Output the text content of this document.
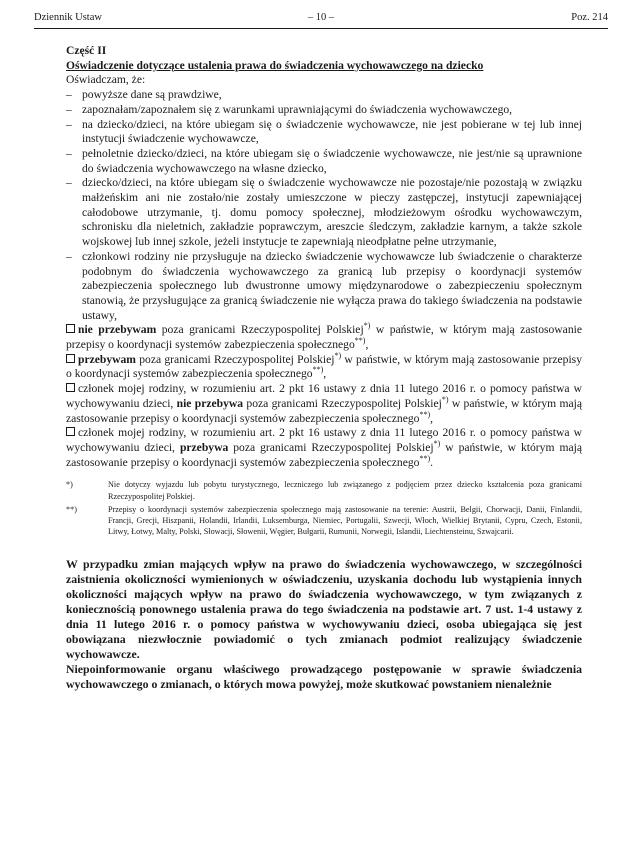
Dziennik Ustaw	– 10 –	Poz. 214
Część II
Oświadczenie dotyczące ustalenia prawa do świadczenia wychowawczego na dziecko

Oświadczam, że:

– powyższe dane są prawdziwe,
– zapoznałam/zapoznałem się z warunkami uprawniającymi do świadczenia wychowawczego,
– na dziecko/dzieci, na które ubiegam się o świadczenie wychowawcze, nie jest pobierane w tej lub innej instytucji świadczenie wychowawcze,
– pełnoletnie dziecko/dzieci, na które ubiegam się o świadczenie wychowawcze, nie jest/nie są uprawnione do świadczenia wychowawczego na własne dziecko,
– dziecko/dzieci, na które ubiegam się o świadczenie wychowawcze nie pozostaje/nie pozostają w związku małżeńskim ani nie zostało/nie zostały umieszczone w pieczy zastępczej, instytucji zapewniającej całodobowe utrzymanie, tj. domu pomocy społecznej, młodzieżowym ośrodku wychowawczym, schronisku dla nieletnich, zakładzie poprawczym, areszcie śledczym, zakładzie karnym, a także szkole wojskowej lub innej szkole, jeżeli instytucje te zapewniają nieodpłatne pełne utrzymanie,
– członkowi rodziny nie przysługuje na dziecko świadczenie wychowawcze lub świadczenie o charakterze podobnym do świadczenia wychowawczego za granicą lub przepisy o koordynacji systemów zabezpieczenia społecznego lub dwustronne umowy międzynarodowe o zabezpieczeniu społecznym stanowią, że przysługujące za granicą świadczenie nie wyłącza prawa do takiego świadczenia na podstawie ustawy,
nie przebywam poza granicami Rzeczypospolitej Polskiej*) w państwie, w którym mają zastosowanie przepisy o koordynacji systemów zabezpieczenia społecznego**),
przebywam poza granicami Rzeczypospolitej Polskiej*) w państwie, w którym mają zastosowanie przepisy o koordynacji systemów zabezpieczenia społecznego**),
członek mojej rodziny, w rozumieniu art. 2 pkt 16 ustawy z dnia 11 lutego 2016 r. o pomocy państwa w wychowywaniu dzieci, nie przebywa poza granicami Rzeczypospolitej Polskiej*) w państwie, w którym mają zastosowanie przepisy o koordynacji systemów zabezpieczenia społecznego**),
członek mojej rodziny, w rozumieniu art. 2 pkt 16 ustawy z dnia 11 lutego 2016 r. o pomocy państwa w wychowywaniu dzieci, przebywa poza granicami Rzeczypospolitej Polskiej*) w państwie, w którym mają zastosowanie przepisy o koordynacji systemów zabezpieczenia społecznego**).
*)	Nie dotyczy wyjazdu lub pobytu turystycznego, leczniczego lub związanego z podjęciem przez dziecko kształcenia poza granicami Rzeczypospolitej Polskiej.
**)	Przepisy o koordynacji systemów zabezpieczenia społecznego mają zastosowanie na terenie: Austrii, Belgii, Chorwacji, Danii, Finlandii, Francji, Grecji, Hiszpanii, Holandii, Irlandii, Luksemburga, Niemiec, Portugalii, Szwecji, Włoch, Wielkiej Brytanii, Cypru, Czech, Estonii, Litwy, Łotwy, Malty, Polski, Słowacji, Słowenii, Węgier, Bułgarii, Rumunii, Norwegii, Islandii, Liechtensteinu, Szwajcarii.

W przypadku zmian mających wpływ na prawo do świadczenia wychowawczego, w szczególności zaistnienia okoliczności wymienionych w oświadczeniu, uzyskania dochodu lub wystąpienia innych okoliczności mających wpływ na prawo do świadczenia wychowawczego, w tym związanych z koniecznością ponownego ustalenia prawa do tego świadczenia na podstawie art. 7 ust. 1-4 ustawy z dnia 11 lutego 2016 r. o pomocy państwa w wychowywaniu dzieci, osoba ubiegająca się jest obowiązana niezwłocznie powiadomić o tych zmianach podmiot realizujący świadczenie wychowawcze.

Niepoinformowanie organu właściwego prowadzącego postępowanie w sprawie świadczenia wychowawczego o zmianach, o których mowa powyżej, może skutkować powstaniem nienależnie
